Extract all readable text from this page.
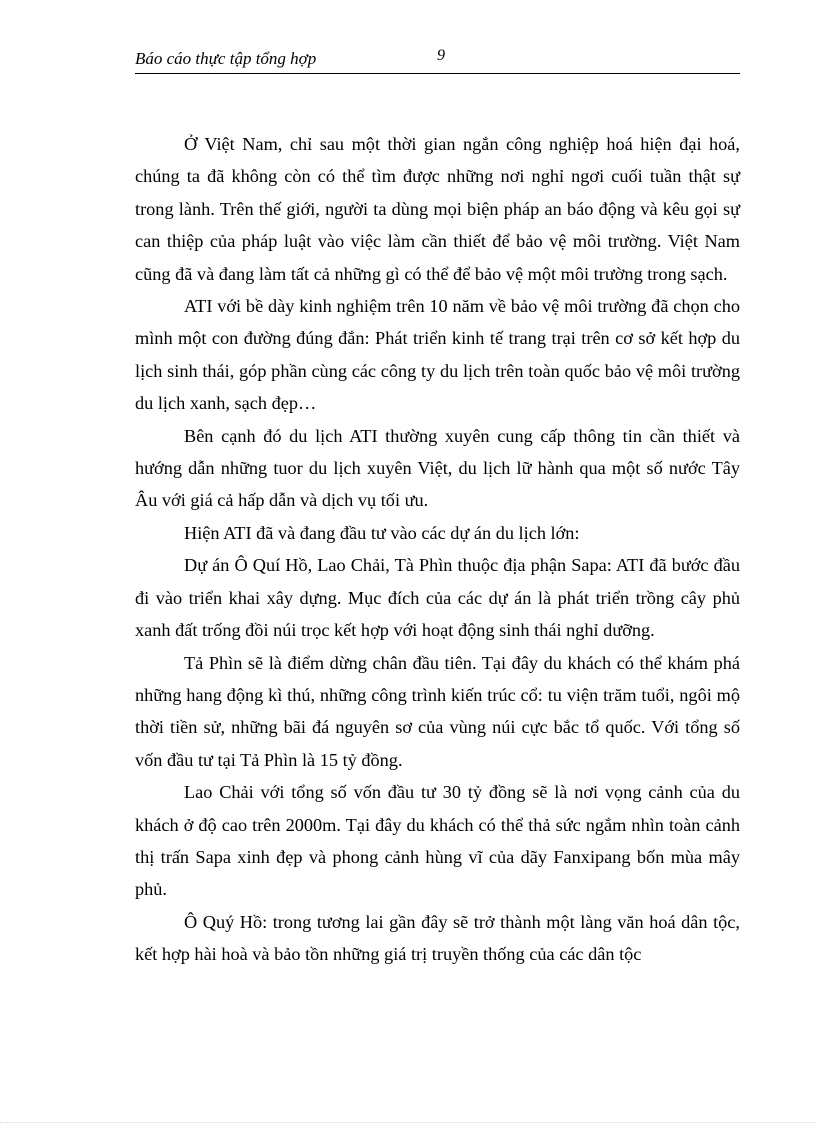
Báo cáo thực tập tổng hợp	9

Ở Việt Nam, chỉ sau một thời gian ngắn công nghiệp hoá hiện đại hoá, chúng ta đã không còn có thể tìm được những nơi nghỉ ngơi cuối tuần thật sự trong lành. Trên thế giới, người ta dùng mọi biện pháp an báo động và kêu gọi sự can thiệp của pháp luật vào việc làm cần thiết để bảo vệ môi trường. Việt Nam cũng đã và đang làm tất cả những gì có thể để bảo vệ một môi trường trong sạch.

ATI với bề dày kinh nghiệm trên 10 năm về bảo vệ môi trường đã chọn cho mình một con đường đúng đắn: Phát triển kinh tế trang trại trên cơ sở kết hợp du lịch sinh thái, góp phần cùng các công ty du lịch trên toàn quốc bảo vệ môi trường du lịch xanh, sạch đẹp…

Bên cạnh đó du lịch ATI thường xuyên cung cấp thông tin cần thiết và hướng dẫn những tuor du lịch xuyên Việt, du lịch lữ hành qua một số nước Tây Âu với giá cả hấp dẫn và dịch vụ tối ưu.

Hiện ATI đã và đang đầu tư vào các dự án du lịch lớn:

Dự án Ô Quí Hồ, Lao Chải, Tà Phìn thuộc địa phận Sapa: ATI đã bước đầu đi vào triển khai xây dựng. Mục đích của các dự án là phát triển trồng cây phủ xanh đất trống đồi núi trọc kết hợp với hoạt động sinh thái nghỉ dưỡng.

Tả Phìn sẽ là điểm dừng chân đầu tiên. Tại đây du khách có thể khám phá những hang động kì thú, những công trình kiến trúc cổ: tu viện trăm tuổi, ngôi mộ thời tiền sử, những bãi đá nguyên sơ của vùng núi cực bắc tổ quốc. Với tổng số vốn đầu tư tại Tả Phìn là 15 tỷ đồng.

Lao Chải với tổng số vốn đầu tư 30 tỷ đồng sẽ là nơi vọng cảnh của du khách ở độ cao trên 2000m. Tại đây du khách có thể thả sức ngắm nhìn toàn cảnh thị trấn Sapa xinh đẹp và phong cảnh hùng vĩ của dãy Fanxipang bốn mùa mây phủ.

Ô Quý Hồ: trong tương lai gần đây sẽ trở thành một làng văn hoá dân tộc, kết hợp hài hoà và bảo tồn những giá trị truyền thống của các dân tộc
